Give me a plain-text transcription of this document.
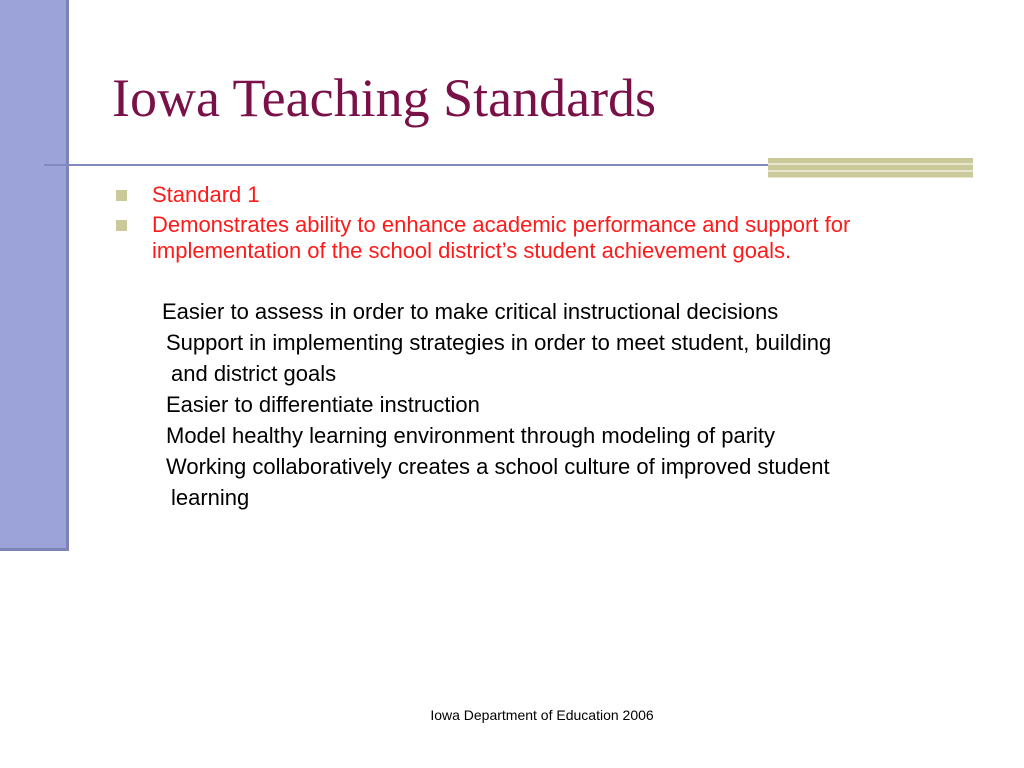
Iowa Teaching Standards
Standard 1
Demonstrates ability to enhance academic performance and support for implementation of the school district’s student achievement goals.
Easier to assess in order to make critical instructional decisions
Support in implementing strategies in order to meet student, building
and district goals
Easier to differentiate instruction
Model healthy learning environment through modeling of parity
Working collaboratively creates a school culture of improved student
learning
Iowa Department of Education 2006
